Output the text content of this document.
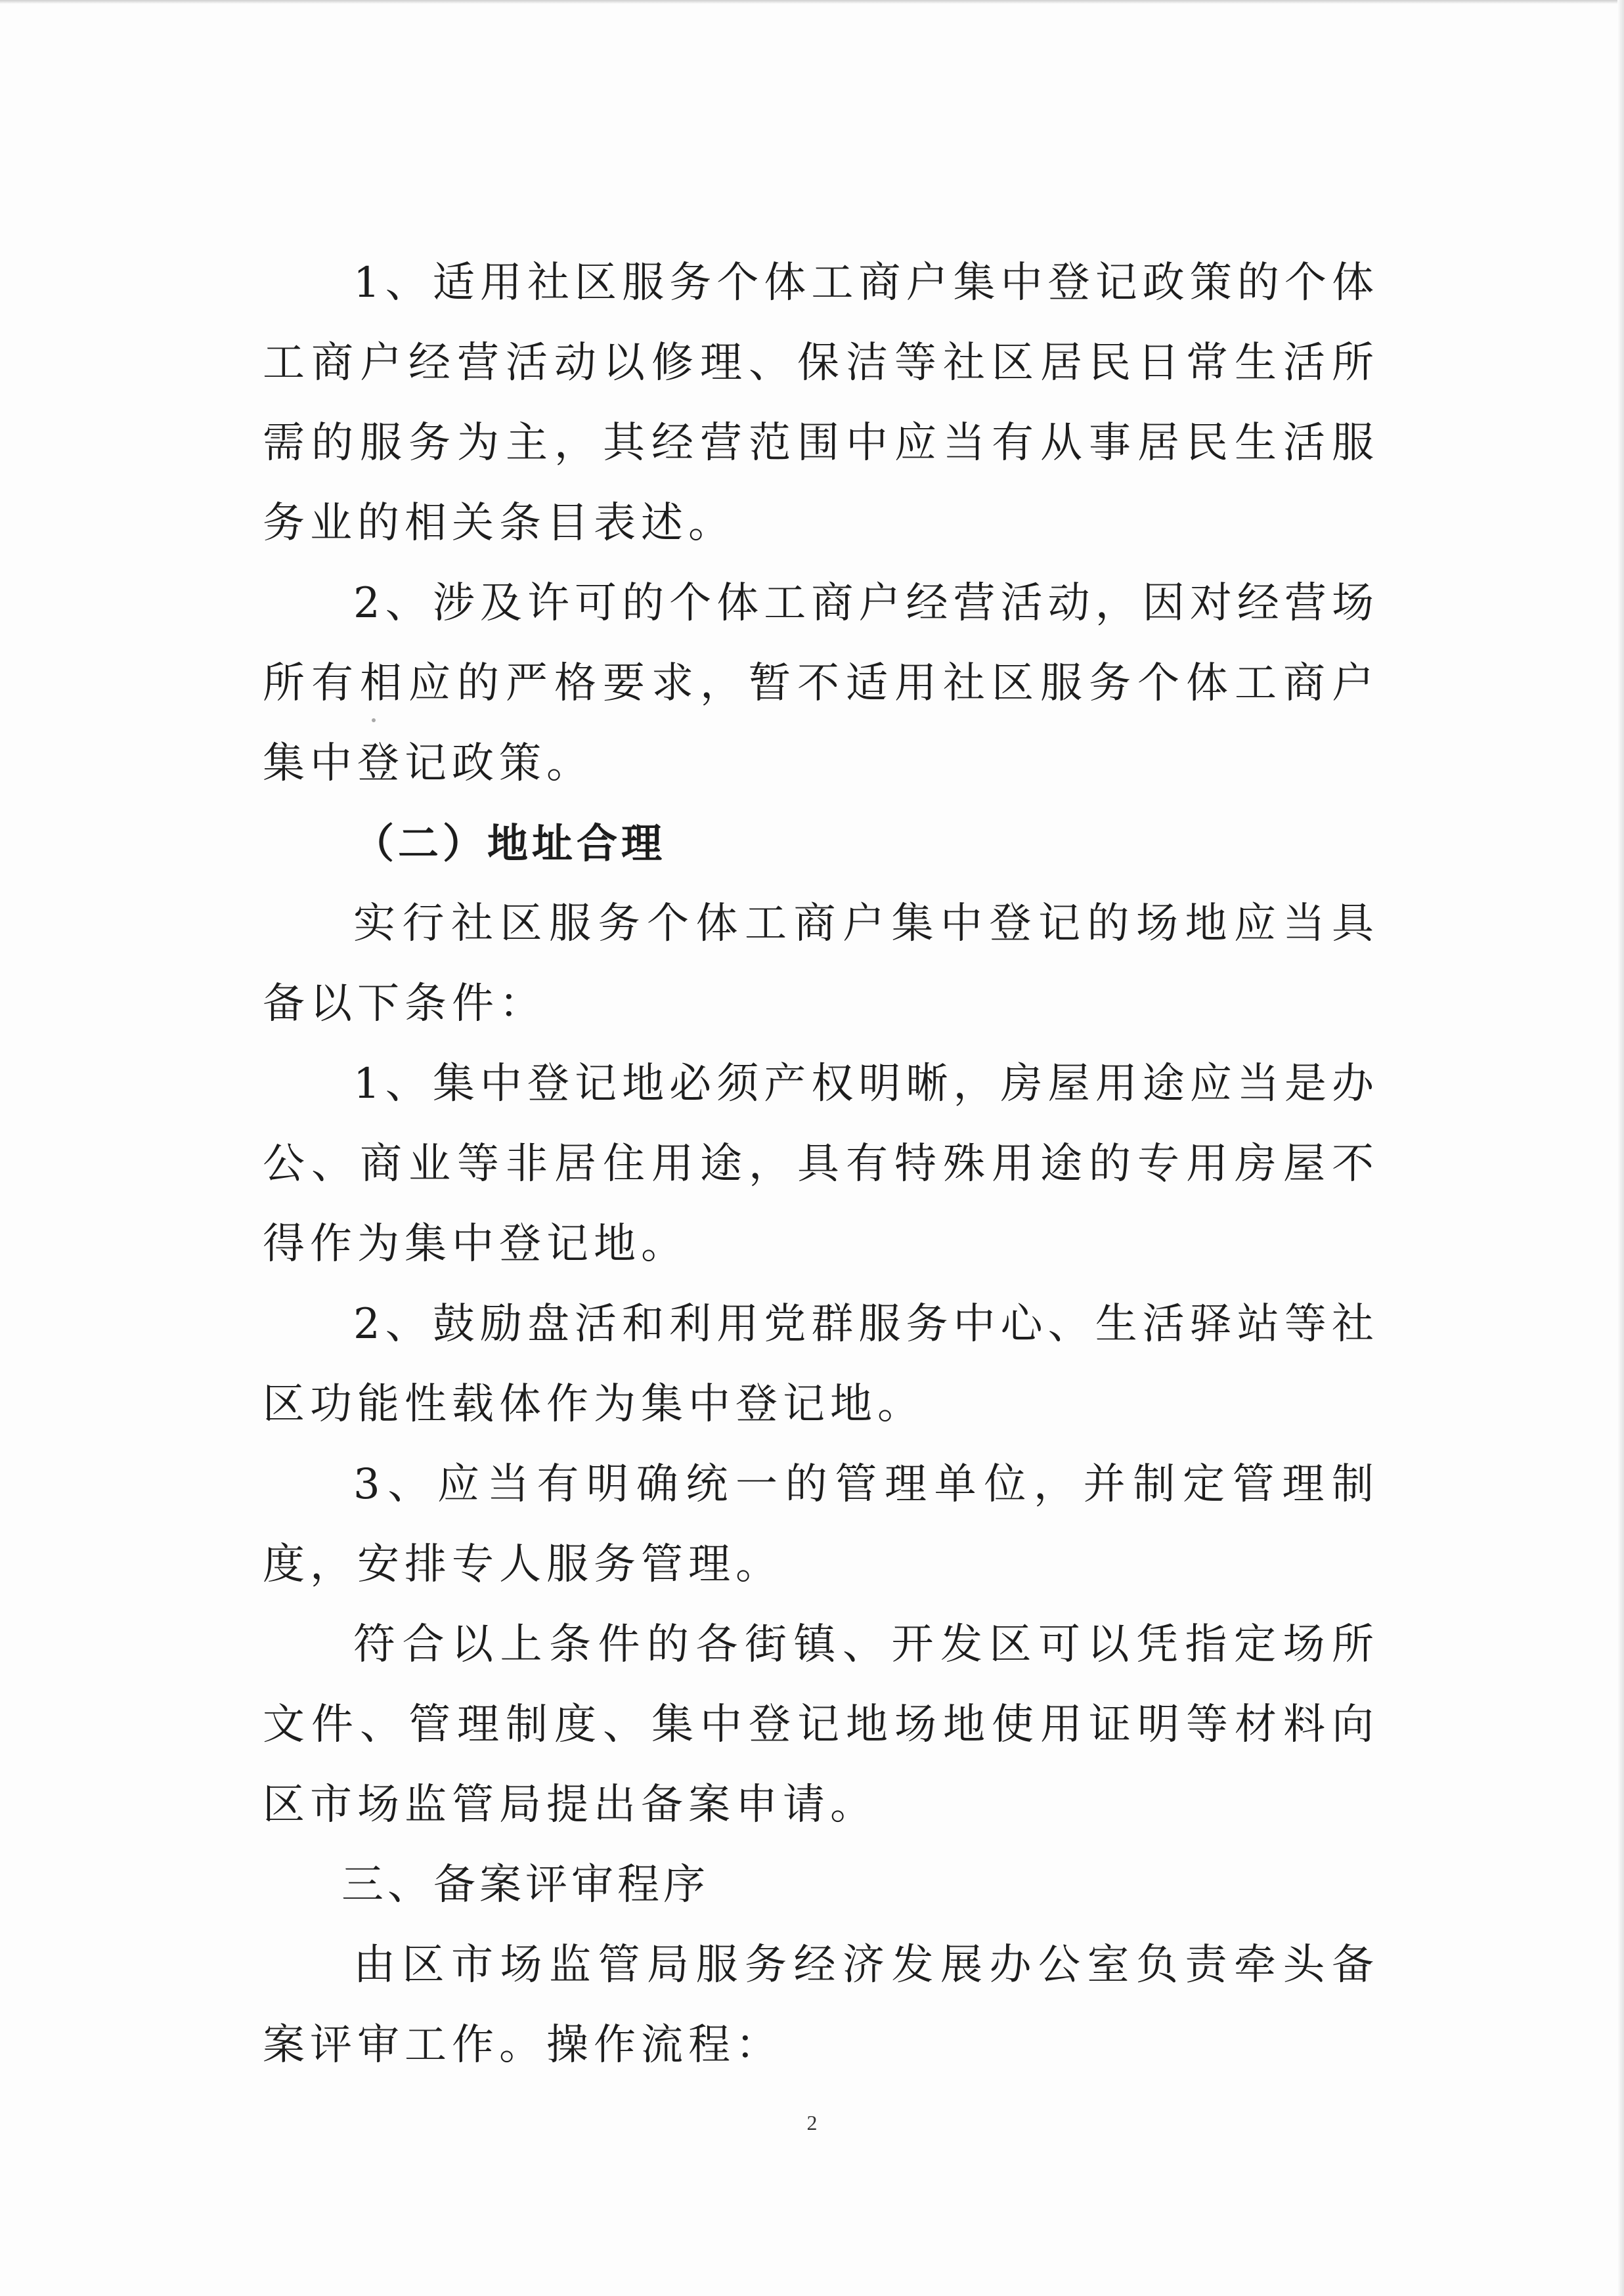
1、适用社区服务个体工商户集中登记政策的个体工商户经营活动以修理、保洁等社区居民日常生活所需的服务为主，其经营范围中应当有从事居民生活服务业的相关条目表述。

2、涉及许可的个体工商户经营活动，因对经营场所有相应的严格要求，暂不适用社区服务个体工商户集中登记政策。

（二）地址合理

实行社区服务个体工商户集中登记的场地应当具备以下条件：

1、集中登记地必须产权明晰，房屋用途应当是办公、商业等非居住用途，具有特殊用途的专用房屋不得作为集中登记地。

2、鼓励盘活和利用党群服务中心、生活驿站等社区功能性载体作为集中登记地。

3、应当有明确统一的管理单位，并制定管理制度，安排专人服务管理。

符合以上条件的各街镇、开发区可以凭指定场所文件、管理制度、集中登记地场地使用证明等材料向区市场监管局提出备案申请。

三、备案评审程序

由区市场监管局服务经济发展办公室负责牵头备案评审工作。操作流程：

2
